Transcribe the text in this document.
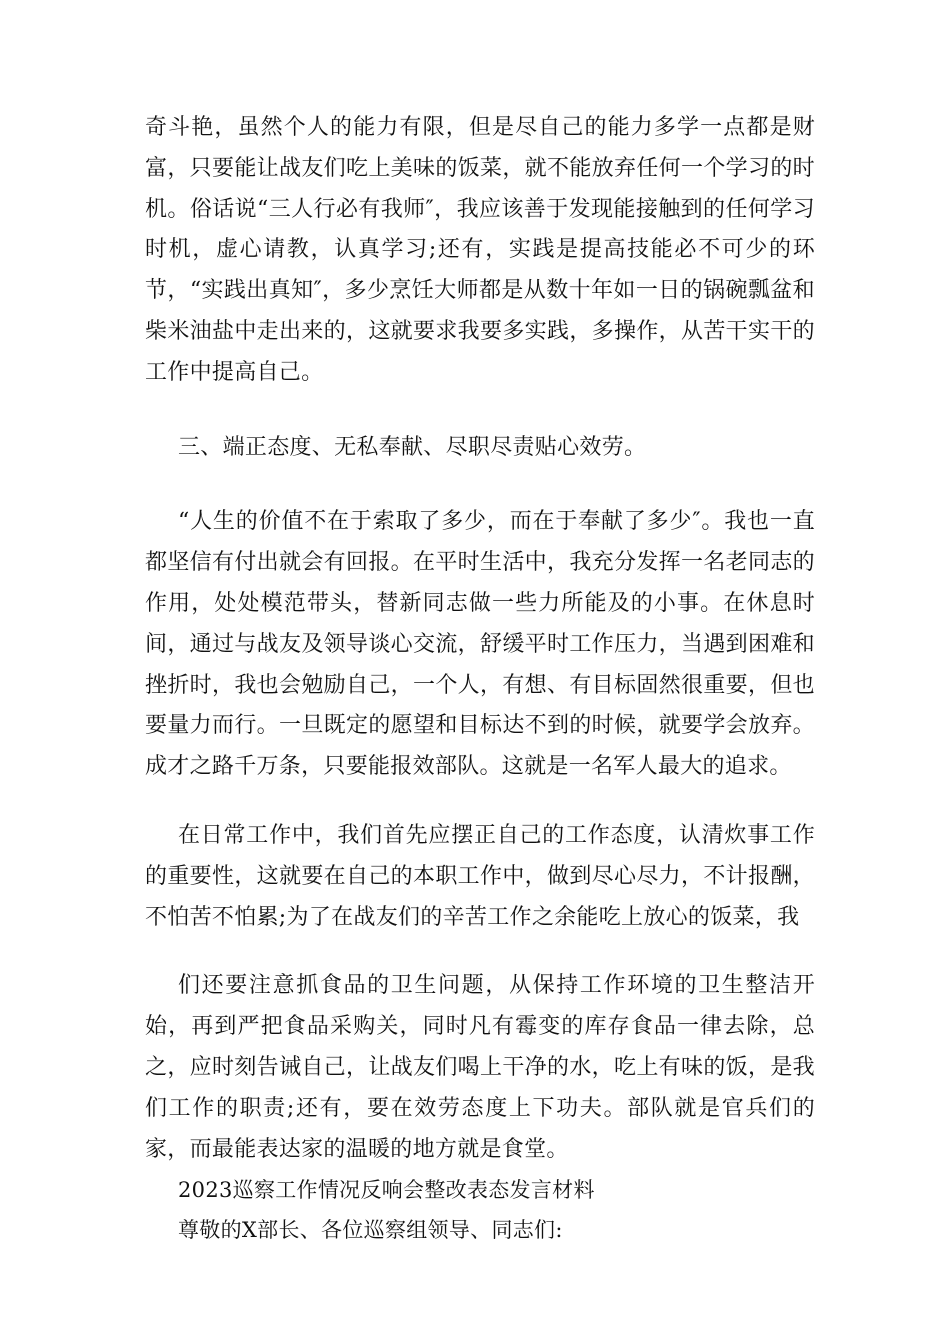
奇斗艳，虽然个人的能力有限，但是尽自己的能力多学一点都是财富，只要能让战友们吃上美味的饭菜，就不能放弃任何一个学习的时机。俗话说“三人行必有我师″，我应该善于发现能接触到的任何学习时机，虚心请教，认真学习;还有，实践是提高技能必不可少的环节，“实践出真知″，多少烹饪大师都是从数十年如一日的锅碗瓢盆和柴米油盐中走出来的，这就要求我要多实践，多操作，从苦干实干的工作中提高自己。

三、端正态度、无私奉献、尽职尽责贴心效劳。

“人生的价值不在于索取了多少，而在于奉献了多少″。我也一直都坚信有付出就会有回报。在平时生活中，我充分发挥一名老同志的作用，处处模范带头，替新同志做一些力所能及的小事。在休息时间，通过与战友及领导谈心交流，舒缓平时工作压力，当遇到困难和挫折时，我也会勉励自己，一个人，有想、有目标固然很重要，但也要量力而行。一旦既定的愿望和目标达不到的时候，就要学会放弃。成才之路千万条，只要能报效部队。这就是一名军人最大的追求。

在日常工作中，我们首先应摆正自己的工作态度，认清炊事工作的重要性，这就要在自己的本职工作中，做到尽心尽力，不计报酬，不怕苦不怕累;为了在战友们的辛苦工作之余能吃上放心的饭菜，我

们还要注意抓食品的卫生问题，从保持工作环境的卫生整洁开始，再到严把食品采购关，同时凡有霉变的库存食品一律去除，总之，应时刻告诫自己，让战友们喝上干净的水，吃上有味的饭，是我们工作的职责;还有，要在效劳态度上下功夫。部队就是官兵们的家，而最能表达家的温暖的地方就是食堂。

2023巡察工作情况反响会整改表态发言材料

尊敬的X部长、各位巡察组领导、同志们:
